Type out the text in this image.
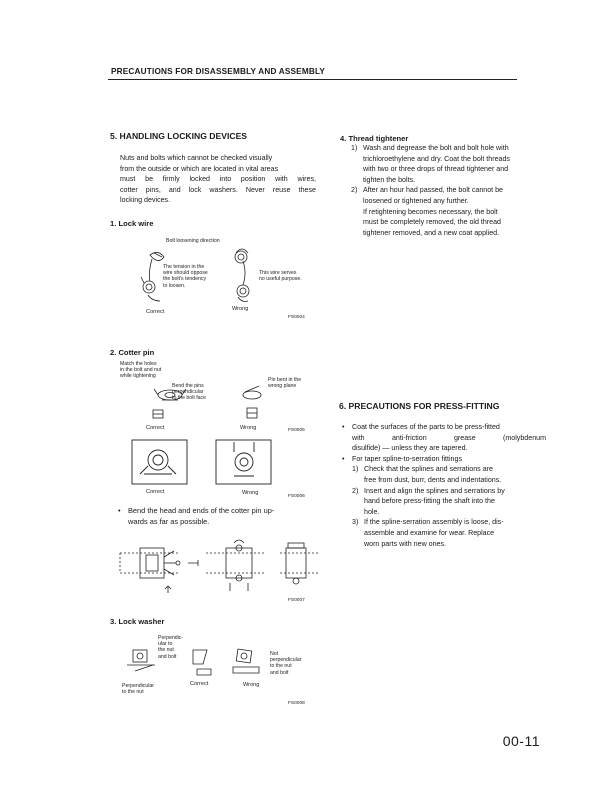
PRECAUTIONS FOR DISASSEMBLY AND ASSEMBLY
5. HANDLING LOCKING DEVICES
Nuts and bolts which cannot be checked visually
from the outside or which are located in vital areas
must be firmly locked into position with wires,
cotter pins, and lock washers. Never reuse these
locking devices.
1. Lock wire
Bolt loosening direction
The tension in the
wire should oppose
the bolt's tendency
to loosen.
This wire serves
no useful purpose.
Correct	Wrong
FS0004
2. Cotter pin
Match the holes
in the bolt and nut
while tightening
Bend the pins
perpendicular
to the bolt face
Pin bent in the
wrong plane
Correct	Wrong	FS0005
Correct	Wrong
FS0006
•	Bend the head and ends of the cotter pin up-
wards as far as possible.
FS0007
3. Lock washer
Perpendic-
ular to
the nut
and bolt	Not
perpendicular
to the nut
and bolt
Perpendicular
to the nut
Correct	Wrong
FS0008
4. Thread tightener
1) Wash and degrease the bolt and bolt hole with
trichloroethylene and dry. Coat the bolt threads
with two or three drops of thread tightener and
tighten the bolts.
2) After an hour had passed, the bolt cannot be
loosened or tightened any further.
If retightening becomes necessary, the bolt
must be completely removed, the old thread
tightener removed, and a new coat applied.
6. PRECAUTIONS FOR PRESS-FITTING
•	Coat the surfaces of the parts to be press-fitted
with anti-friction grease (molybdenum
disulfide) — unless they are tapered.
•	For taper spline-to-serration fittings
1) Check that the splines and serrations are
free from dust, burr, dents and indentations.
2) Insert and align the splines and serrations by
hand before press-fitting the shaft into the
hole.
3) If the spline-serration assembly is loose, dis-
assemble and examine for wear. Replace
worn parts with new ones.
00-11
